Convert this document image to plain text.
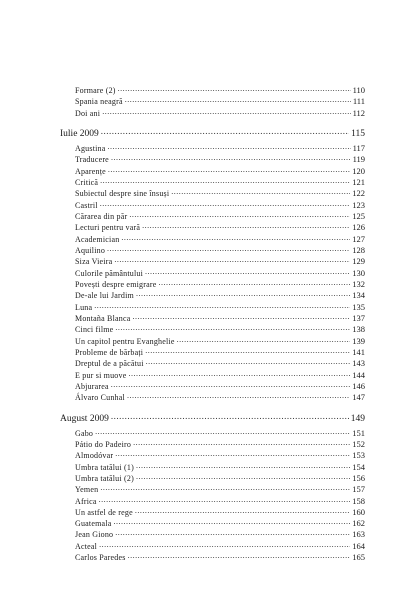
Formare (2) .....	110
Spania neagră .....	111
Doi ani .....	112
Iulie 2009 .....	115
Agustina .....	117
Traducere .....	119
Aparențe .....	120
Critică .....	121
Subiectul despre sine însuși .....	122
Castril .....	123
Cărarea din păr .....	125
Lecturi pentru vară .....	126
Academician .....	127
Aquilino .....	128
Siza Vieira .....	129
Culorile pământului .....	130
Povești despre emigrare .....	132
De-ale lui Jardim .....	134
Luna .....	135
Montaña Blanca .....	137
Cinci filme .....	138
Un capitol pentru Evanghelie .....	139
Probleme de bărbați .....	141
Dreptul de a păcătui .....	143
E pur si muove .....	144
Abjurarea .....	146
Álvaro Cunhal .....	147
August 2009 .....	149
Gabo .....	151
Pátio do Padeiro .....	152
Almodóvar .....	153
Umbra tatălui (1) .....	154
Umbra tatălui (2) .....	156
Yemen .....	157
Africa .....	158
Un astfel de rege .....	160
Guatemala .....	162
Jean Giono .....	163
Acteal .....	164
Carlos Paredes .....	165
